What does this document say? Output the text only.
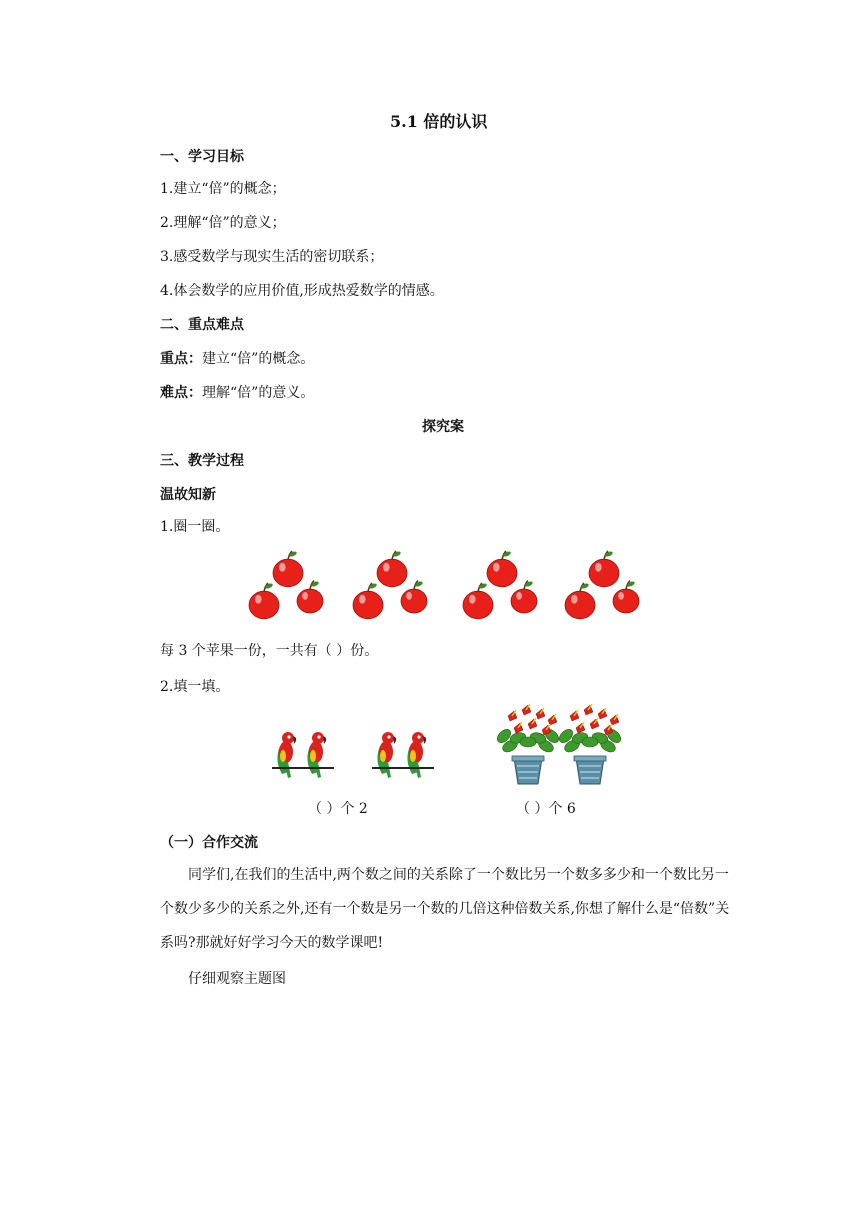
5.1 倍的认识
一、学习目标
1.建立“倍”的概念；
2.理解“倍”的意义；
3.感受数学与现实生活的密切联系；
4.体会数学的应用价值,形成热爱数学的情感。
二、重点难点
重点：建立“倍”的概念。
难点：理解“倍”的意义。
探究案
三、教学过程
温故知新
1.圈一圈。
每 3 个苹果一份，一共有（ ）份。
2.填一填。
（ ）个 2	（ ）个 6
（一）合作交流
同学们,在我们的生活中,两个数之间的关系除了一个数比另一个数多多少和一个数比另一个数少多少的关系之外,还有一个数是另一个数的几倍这种倍数关系,你想了解什么是“倍数”关系吗?那就好好学习今天的数学课吧!
仔细观察主题图
